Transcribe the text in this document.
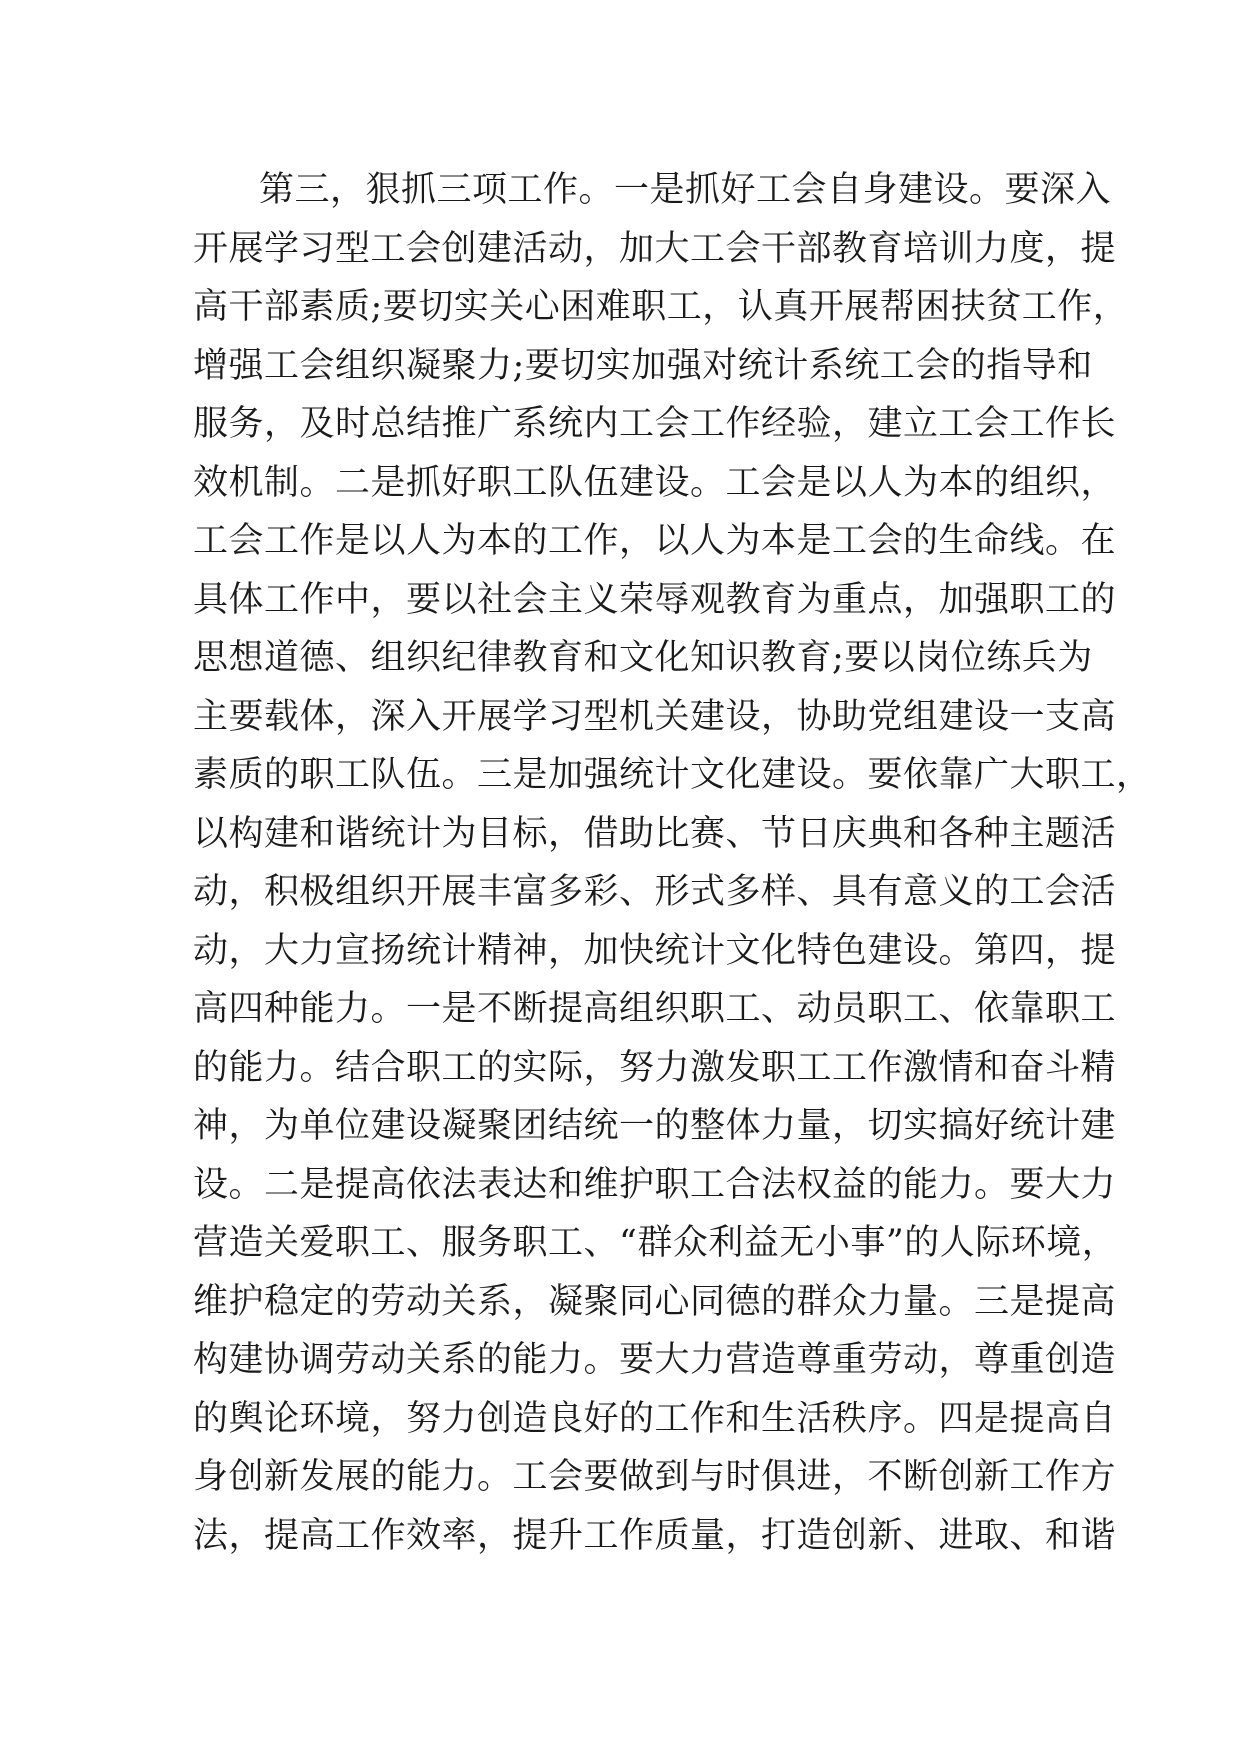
第三，狠抓三项工作。一是抓好工会自身建设。要深入
开展学习型工会创建活动，加大工会干部教育培训力度，提
高干部素质;要切实关心困难职工，认真开展帮困扶贫工作，
增强工会组织凝聚力;要切实加强对统计系统工会的指导和
服务，及时总结推广系统内工会工作经验，建立工会工作长
效机制。二是抓好职工队伍建设。工会是以人为本的组织，
工会工作是以人为本的工作，以人为本是工会的生命线。在
具体工作中，要以社会主义荣辱观教育为重点，加强职工的
思想道德、组织纪律教育和文化知识教育;要以岗位练兵为
主要载体，深入开展学习型机关建设，协助党组建设一支高
素质的职工队伍。三是加强统计文化建设。要依靠广大职工，
以构建和谐统计为目标，借助比赛、节日庆典和各种主题活
动，积极组织开展丰富多彩、形式多样、具有意义的工会活
动，大力宣扬统计精神，加快统计文化特色建设。第四，提
高四种能力。一是不断提高组织职工、动员职工、依靠职工
的能力。结合职工的实际，努力激发职工工作激情和奋斗精
神，为单位建设凝聚团结统一的整体力量，切实搞好统计建
设。二是提高依法表达和维护职工合法权益的能力。要大力
营造关爱职工、服务职工、“群众利益无小事”的人际环境，
维护稳定的劳动关系，凝聚同心同德的群众力量。三是提高
构建协调劳动关系的能力。要大力营造尊重劳动，尊重创造
的舆论环境，努力创造良好的工作和生活秩序。四是提高自
身创新发展的能力。工会要做到与时俱进，不断创新工作方
法，提高工作效率，提升工作质量，打造创新、进取、和谐
